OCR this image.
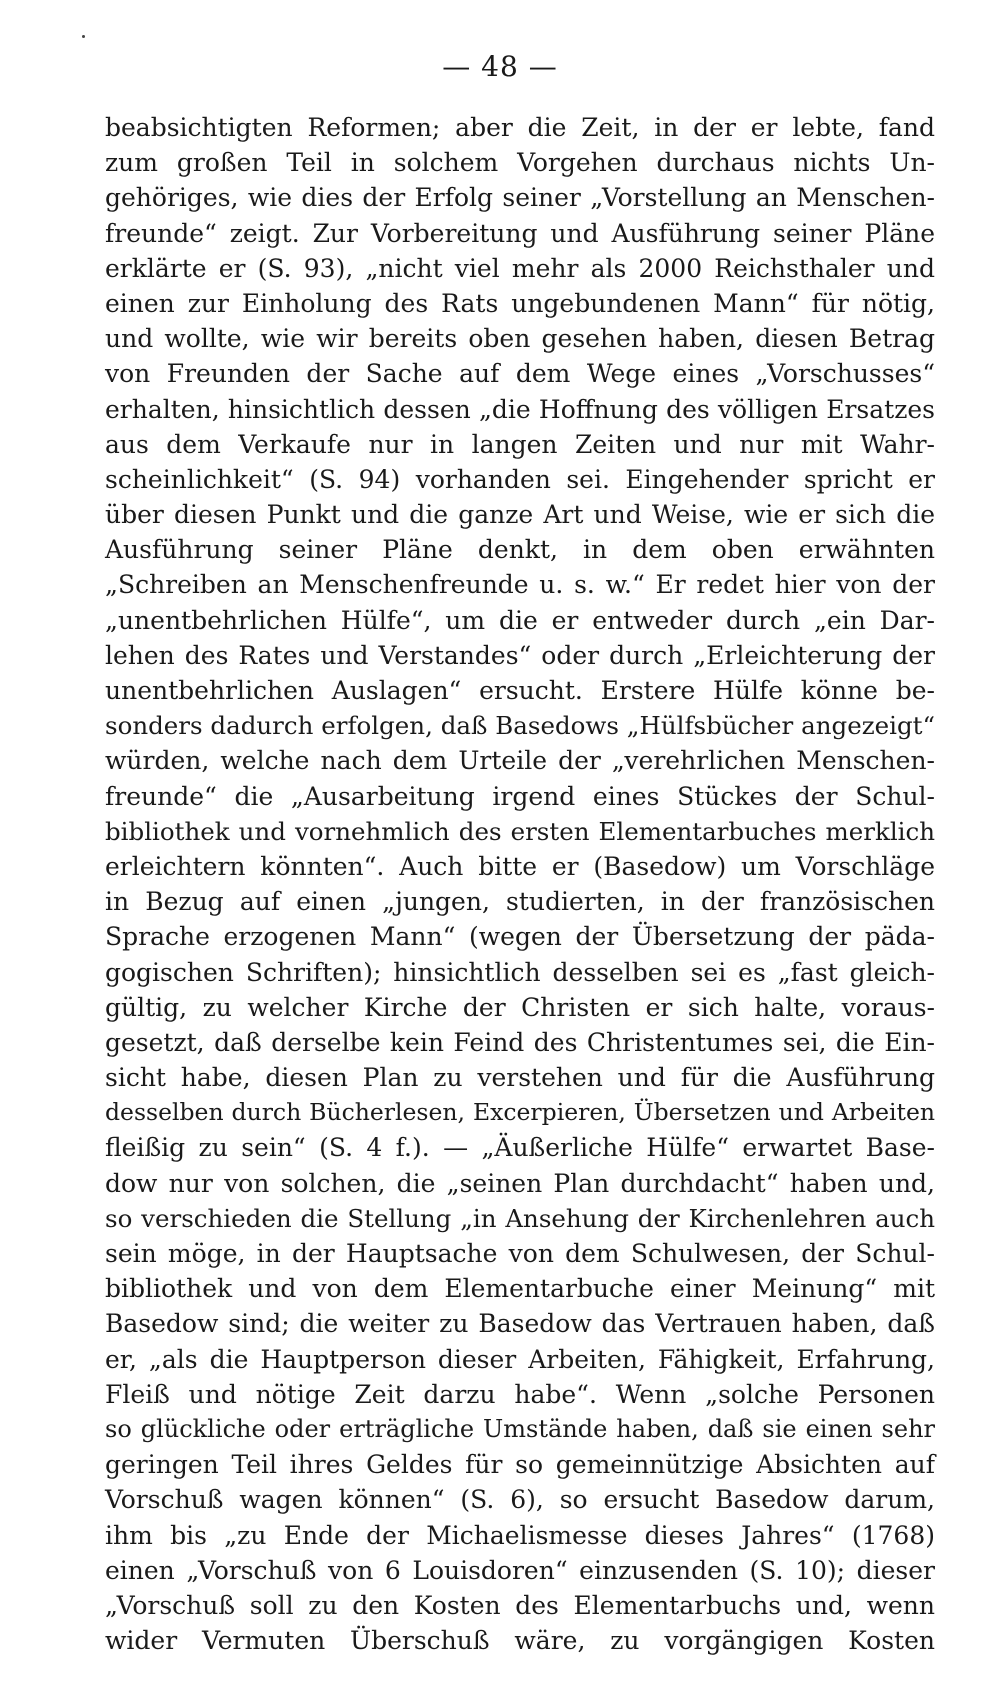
— 48 —
beabsichtigten Reformen; aber die Zeit, in der er lebte, fand
zum großen Teil in solchem Vorgehen durchaus nichts Un-
gehöriges, wie dies der Erfolg seiner „Vorstellung an Menschen-
freunde“ zeigt. Zur Vorbereitung und Ausführung seiner Pläne
erklärte er (S. 93), „nicht viel mehr als 2000 Reichsthaler und
einen zur Einholung des Rats ungebundenen Mann“ für nötig,
und wollte, wie wir bereits oben gesehen haben, diesen Betrag
von Freunden der Sache auf dem Wege eines „Vorschusses“
erhalten, hinsichtlich dessen „die Hoffnung des völligen Ersatzes
aus dem Verkaufe nur in langen Zeiten und nur mit Wahr-
scheinlichkeit“ (S. 94) vorhanden sei. Eingehender spricht er
über diesen Punkt und die ganze Art und Weise, wie er sich die
Ausführung seiner Pläne denkt, in dem oben erwähnten
„Schreiben an Menschenfreunde u. s. w.“ Er redet hier von der
„unentbehrlichen Hülfe“, um die er entweder durch „ein Dar-
lehen des Rates und Verstandes“ oder durch „Erleichterung der
unentbehrlichen Auslagen“ ersucht. Erstere Hülfe könne be-
sonders dadurch erfolgen, daß Basedows „Hülfsbücher angezeigt“
würden, welche nach dem Urteile der „verehrlichen Menschen-
freunde“ die „Ausarbeitung irgend eines Stückes der Schul-
bibliothek und vornehmlich des ersten Elementarbuches merklich
erleichtern könnten“. Auch bitte er (Basedow) um Vorschläge
in Bezug auf einen „jungen, studierten, in der französischen
Sprache erzogenen Mann“ (wegen der Übersetzung der päda-
gogischen Schriften); hinsichtlich desselben sei es „fast gleich-
gültig, zu welcher Kirche der Christen er sich halte, voraus-
gesetzt, daß derselbe kein Feind des Christentumes sei, die Ein-
sicht habe, diesen Plan zu verstehen und für die Ausführung
desselben durch Bücherlesen, Excerpieren, Übersetzen und Arbeiten
fleißig zu sein“ (S. 4 f.). — „Äußerliche Hülfe“ erwartet Base-
dow nur von solchen, die „seinen Plan durchdacht“ haben und,
so verschieden die Stellung „in Ansehung der Kirchenlehren auch
sein möge, in der Hauptsache von dem Schulwesen, der Schul-
bibliothek und von dem Elementarbuche einer Meinung“ mit
Basedow sind; die weiter zu Basedow das Vertrauen haben, daß
er, „als die Hauptperson dieser Arbeiten, Fähigkeit, Erfahrung,
Fleiß und nötige Zeit darzu habe“. Wenn „solche Personen
so glückliche oder erträgliche Umstände haben, daß sie einen sehr
geringen Teil ihres Geldes für so gemeinnützige Absichten auf
Vorschuß wagen können“ (S. 6), so ersucht Basedow darum,
ihm bis „zu Ende der Michaelismesse dieses Jahres“ (1768)
einen „Vorschuß von 6 Louisdoren“ einzusenden (S. 10); dieser
„Vorschuß soll zu den Kosten des Elementarbuchs und, wenn
wider Vermuten Überschuß wäre, zu vorgängigen Kosten
